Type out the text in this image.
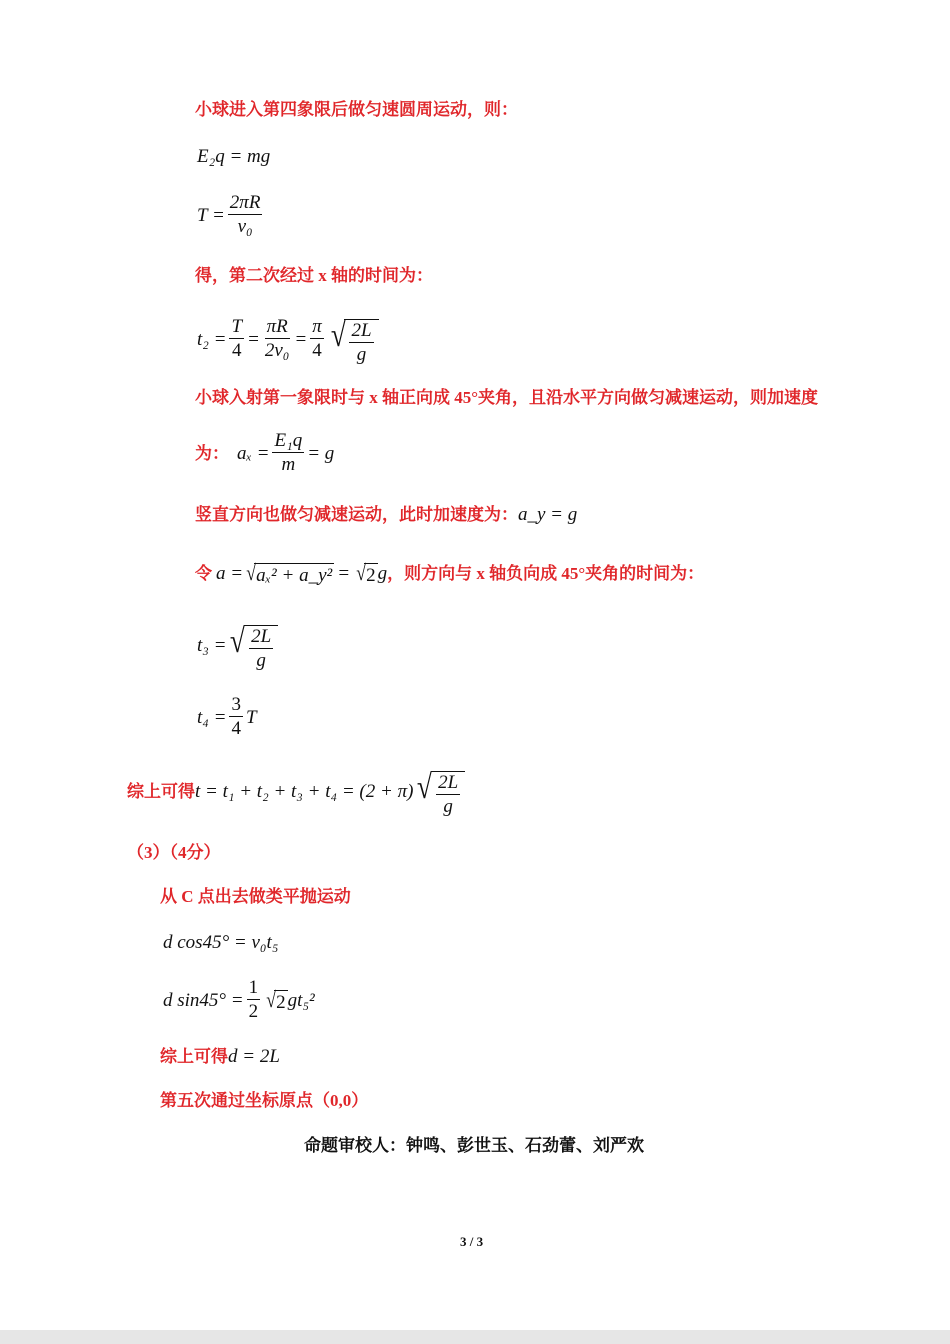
小球进入第四象限后做匀速圆周运动，则：
E₂q = mg
$T = \frac{2\pi R}{\text{v₀}}$
得，第二次经过 x 轴的时间为：
$t_2 = \frac{T}{4} = \frac{\pi R}{\text{2v₀}} = \frac{\pi}{4}$ √ $\frac{2L}{g}$
小球入射第一象限时与 x 轴正向成 45°夹角，且沿水平方向做匀减速运动，则加速度
为： $a_x = \frac{\text{E₁q}}{m} = g$
竖直方向也做匀减速运动，此时加速度为： a_y = g
令 a = √ aₓ² + a_y² = √ 2 g ，则方向与 x 轴负向成 45°夹角的时间为：
t₃ = √ $\frac{2L}{g}$
$t_4 = \frac{3}{4}$ T
综上可得 t = t₁ + t₂ + t₃ + t₄ = (2 + π) √ $\frac{2L}{g}$
（3）（4分）
从 C 点出去做类平抛运动
d cos45° = v₀t₅
d $\sin 45^\circ = \frac{1}{2}$ √ 2 gt₅²
综上可得 d = 2L
第五次通过坐标原点（0,0）
命题审校人：钟鸣、彭世玉、石劲蕾、刘严欢
3 / 3
